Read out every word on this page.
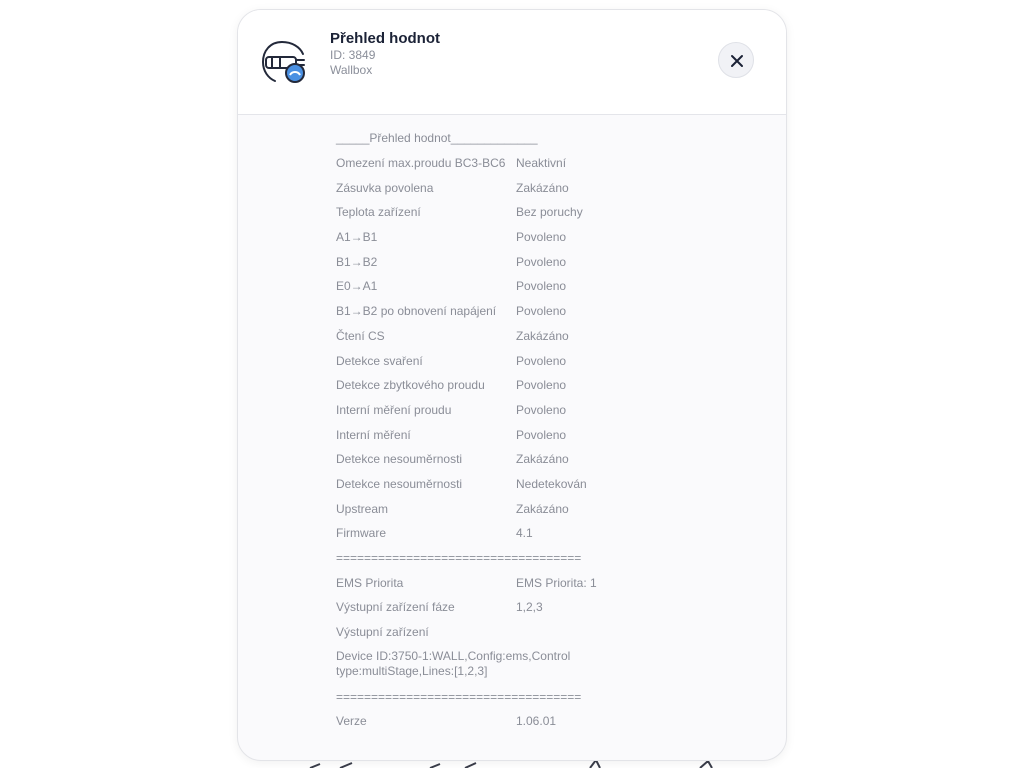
Přehled hodnot
ID: 3849
Wallbox
_____Přehled hodnot_____________
Omezení max.proudu BC3-BC6 Neaktivní
Zásuvka povolena	Zakázáno
Teplota zařízení	Bez poruchy
A1→B1	Povoleno
B1→B2	Povoleno
E0→A1	Povoleno
B1→B2 po obnovení napájení	Povoleno
Čtení CS	Zakázáno
Detekce svaření	Povoleno
Detekce zbytkového proudu	Povoleno
Interní měření proudu	Povoleno
Interní měření	Povoleno
Detekce nesouměrnosti	Zakázáno
Detekce nesouměrnosti	Nedetekován
Upstream	Zakázáno
Firmware	4.1
===================================
EMS Priorita	EMS Priorita: 1
Výstupní zařízení fáze	1,2,3
Výstupní zařízení
Device ID:3750-1:WALL,Config:ems,Control type:multiStage,Lines:[1,2,3]
===================================
Verze	1.06.01
